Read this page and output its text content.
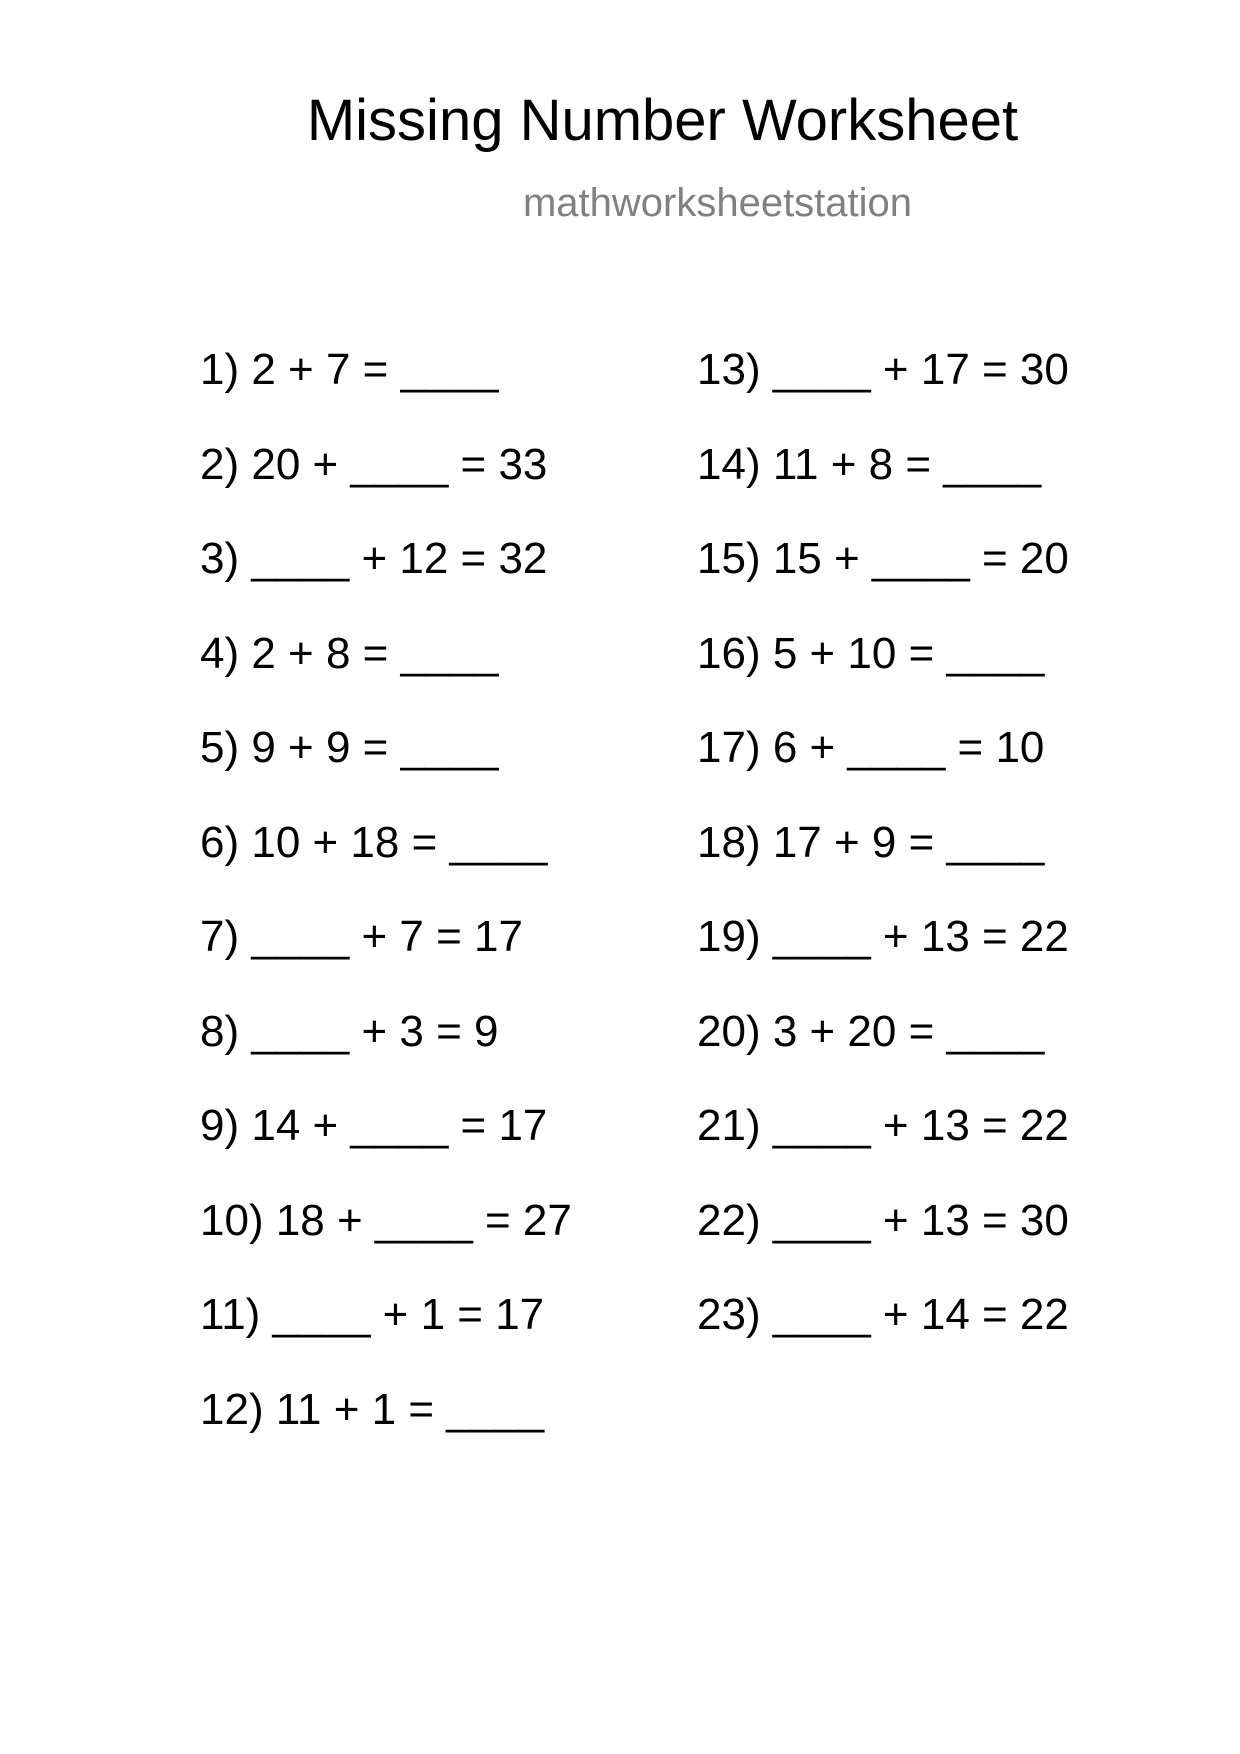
Missing Number Worksheet
mathworksheetstation
1) 2 + 7 = ____
2) 20 + ____ = 33
3) ____ + 12 = 32
4) 2 + 8 = ____
5) 9 + 9 = ____
6) 10 + 18 = ____
7) ____ + 7 = 17
8) ____ + 3 = 9
9) 14 + ____ = 17
10) 18 + ____ = 27
11) ____ + 1 = 17
12) 11 + 1 = ____
13) ____ + 17 = 30
14) 11 + 8 = ____
15) 15 + ____ = 20
16) 5 + 10 = ____
17) 6 + ____ = 10
18) 17 + 9 = ____
19) ____ + 13 = 22
20) 3 + 20 = ____
21) ____ + 13 = 22
22) ____ + 13 = 30
23) ____ + 14 = 22
